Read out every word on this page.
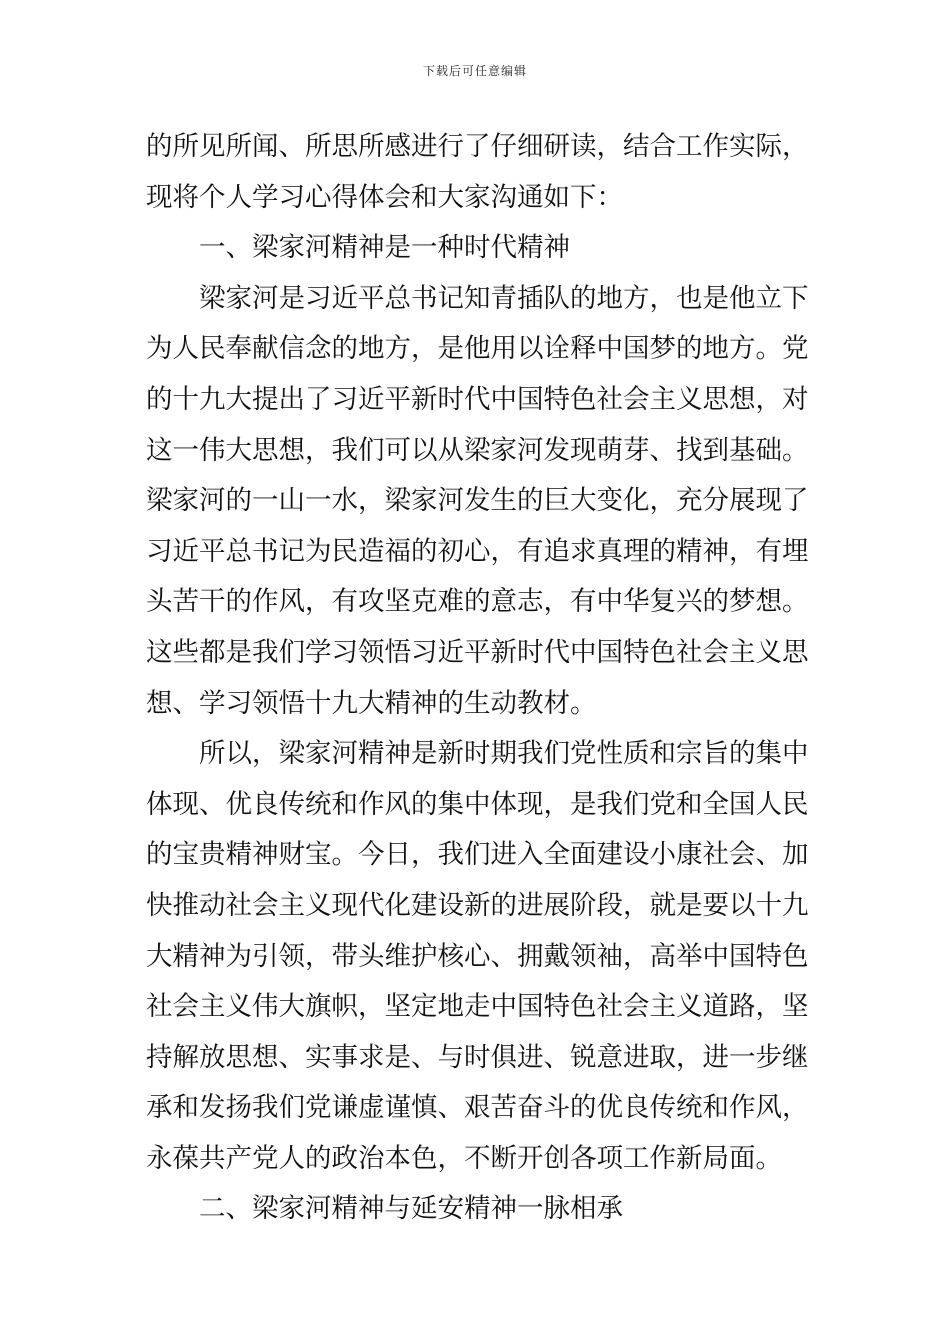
下载后可任意编辑
的所见所闻、所思所感进行了仔细研读，结合工作实际，
现将个人学习心得体会和大家沟通如下：
一、梁家河精神是一种时代精神
梁家河是习近平总书记知青插队的地方，也是他立下
为人民奉献信念的地方，是他用以诠释中国梦的地方。党
的十九大提出了习近平新时代中国特色社会主义思想，对
这一伟大思想，我们可以从梁家河发现萌芽、找到基础。
梁家河的一山一水，梁家河发生的巨大变化，充分展现了
习近平总书记为民造福的初心，有追求真理的精神，有埋
头苦干的作风，有攻坚克难的意志，有中华复兴的梦想。
这些都是我们学习领悟习近平新时代中国特色社会主义思
想、学习领悟十九大精神的生动教材。
所以，梁家河精神是新时期我们党性质和宗旨的集中
体现、优良传统和作风的集中体现，是我们党和全国人民
的宝贵精神财宝。今日，我们进入全面建设小康社会、加
快推动社会主义现代化建设新的进展阶段，就是要以十九
大精神为引领，带头维护核心、拥戴领袖，高举中国特色
社会主义伟大旗帜，坚定地走中国特色社会主义道路，坚
持解放思想、实事求是、与时俱进、锐意进取，进一步继
承和发扬我们党谦虚谨慎、艰苦奋斗的优良传统和作风，
永葆共产党人的政治本色，不断开创各项工作新局面。
二、梁家河精神与延安精神一脉相承
